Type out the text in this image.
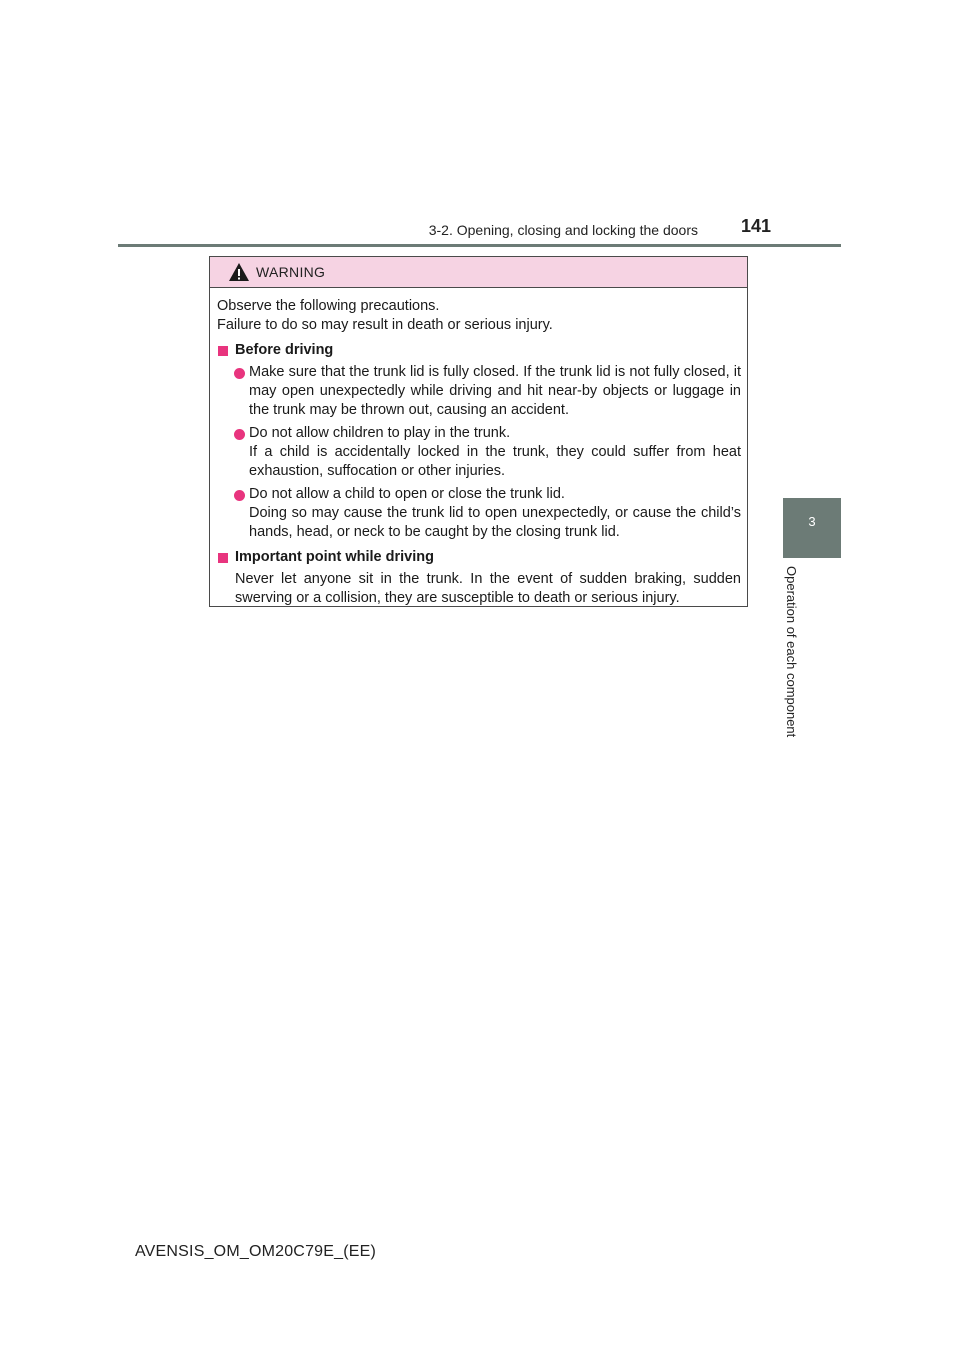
3-2. Opening, closing and locking the doors 141
3
Operation of each component
WARNING

Observe the following precautions.

Failure to do so may result in death or serious injury.

Before driving

Make sure that the trunk lid is fully closed. If the trunk lid is not fully closed, it may open unexpectedly while driving and hit near-by objects or luggage in the trunk may be thrown out, causing an accident.

Do not allow children to play in the trunk.

If a child is accidentally locked in the trunk, they could suffer from heat exhaustion, suffocation or other injuries.

Do not allow a child to open or close the trunk lid.

Doing so may cause the trunk lid to open unexpectedly, or cause the child’s hands, head, or neck to be caught by the closing trunk lid.

Important point while driving

Never let anyone sit in the trunk. In the event of sudden braking, sudden swerving or a collision, they are susceptible to death or serious injury.

AVENSIS_OM_OM20C79E_(EE)
